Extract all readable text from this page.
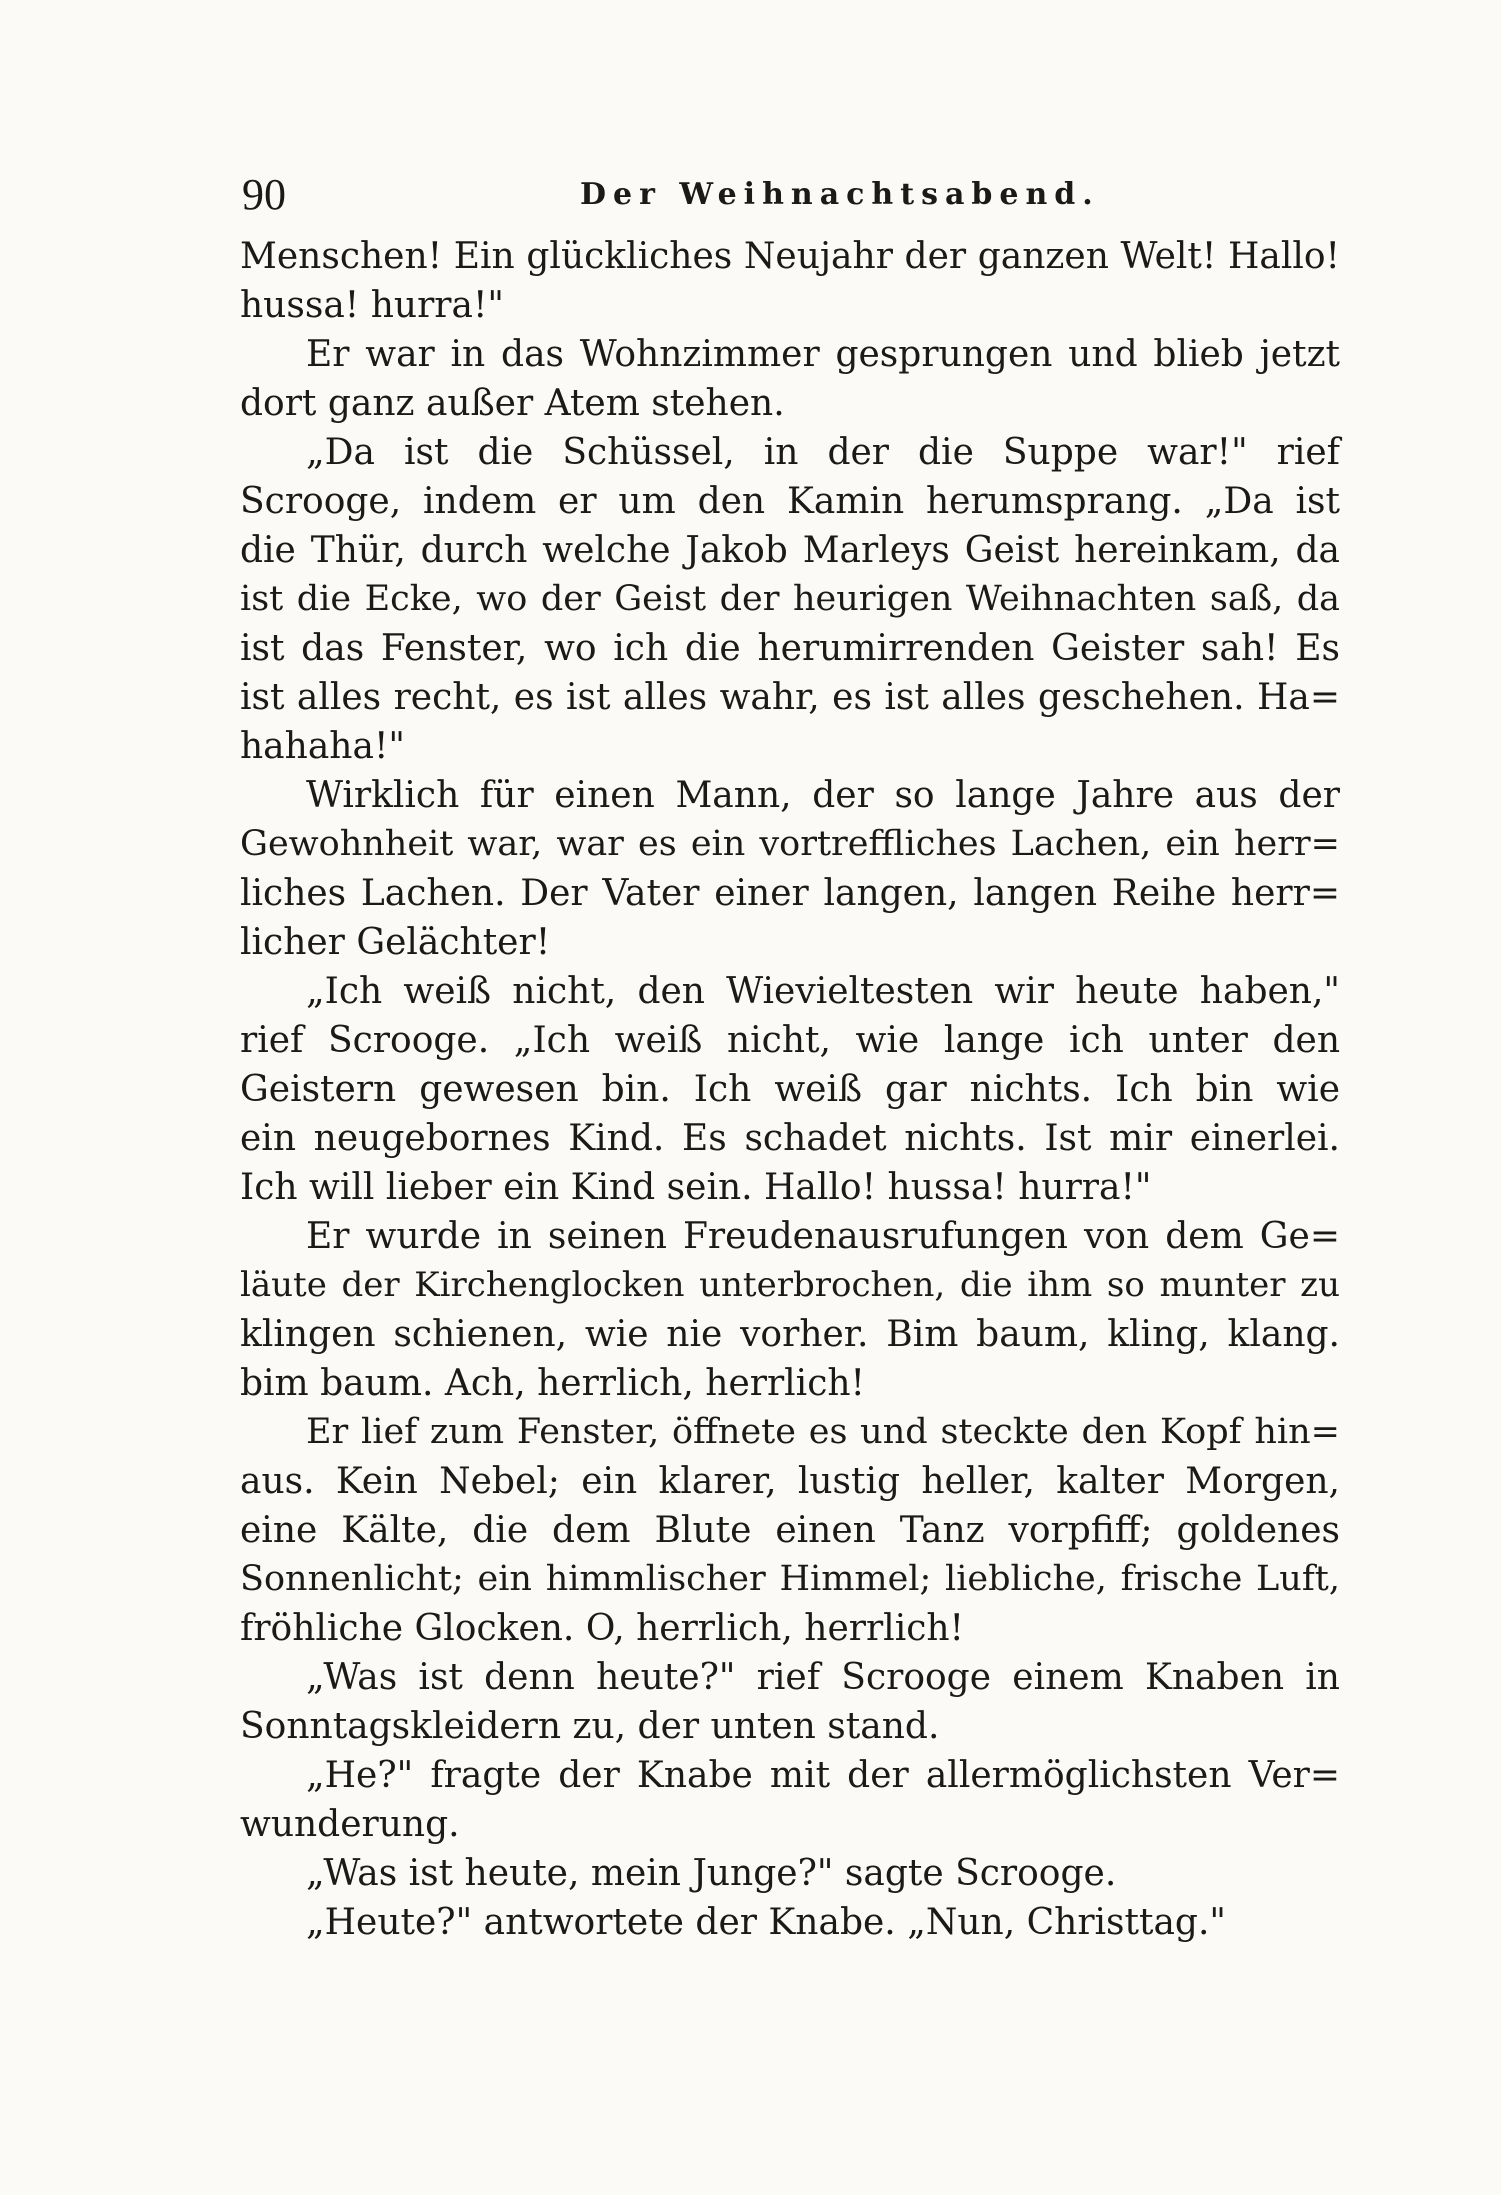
90	Der Weihnachtsabend.
Menschen! Ein glückliches Neujahr der ganzen Welt! Hallo!
hussa! hurra!"
Er war in das Wohnzimmer gesprungen und blieb jetzt
dort ganz außer Atem stehen.
„Da ist die Schüssel, in der die Suppe war!" rief
Scrooge, indem er um den Kamin herumsprang. „Da ist
die Thür, durch welche Jakob Marleys Geist hereinkam, da
ist die Ecke, wo der Geist der heurigen Weihnachten saß, da
ist das Fenster, wo ich die herumirrenden Geister sah! Es
ist alles recht, es ist alles wahr, es ist alles geschehen. Ha=
hahaha!"
Wirklich für einen Mann, der so lange Jahre aus der
Gewohnheit war, war es ein vortreffliches Lachen, ein herr=
liches Lachen. Der Vater einer langen, langen Reihe herr=
licher Gelächter!
„Ich weiß nicht, den Wievieltesten wir heute haben,"
rief Scrooge. „Ich weiß nicht, wie lange ich unter den
Geistern gewesen bin. Ich weiß gar nichts. Ich bin wie
ein neugebornes Kind. Es schadet nichts. Ist mir einerlei.
Ich will lieber ein Kind sein. Hallo! hussa! hurra!"
Er wurde in seinen Freudenausrufungen von dem Ge=
läute der Kirchenglocken unterbrochen, die ihm so munter zu
klingen schienen, wie nie vorher. Bim baum, kling, klang.
bim baum. Ach, herrlich, herrlich!
Er lief zum Fenster, öffnete es und steckte den Kopf hin=
aus. Kein Nebel; ein klarer, lustig heller, kalter Morgen,
eine Kälte, die dem Blute einen Tanz vorpfiff; goldenes
Sonnenlicht; ein himmlischer Himmel; liebliche, frische Luft,
fröhliche Glocken. O, herrlich, herrlich!
„Was ist denn heute?" rief Scrooge einem Knaben in
Sonntagskleidern zu, der unten stand.
„He?" fragte der Knabe mit der allermöglichsten Ver=
wunderung.
„Was ist heute, mein Junge?" sagte Scrooge.
„Heute?" antwortete der Knabe. „Nun, Christtag."
